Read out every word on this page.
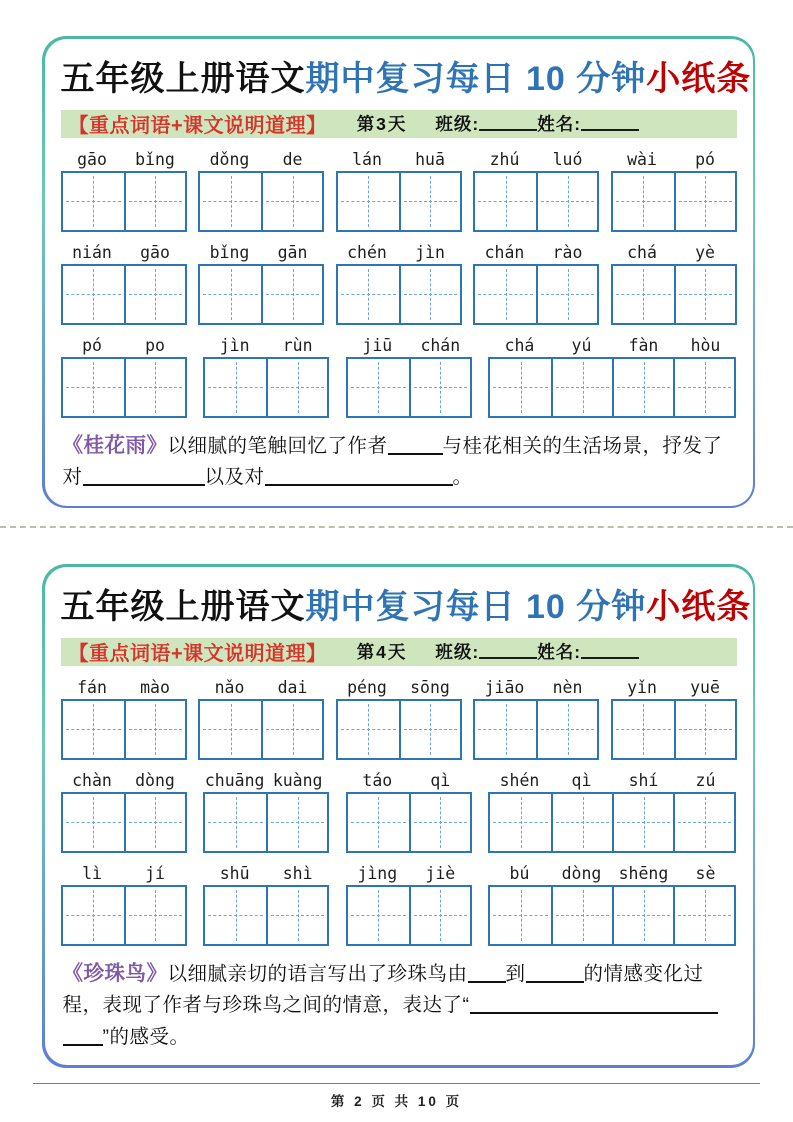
五年级上册语文期中复习每日 10 分钟小纸条
【重点词语+课文说明道理】 第3天 班级:	姓名:
gāo	bǐng	dǒng	de	lán	huā	zhú	luó	wài	pó
nián	gāo	bǐng	gān	chén	jìn	chán	rào	chá	yè
pó	po	jìn	rùn	jiū	chán	chá	yú	fàn	hòu

《桂花雨》以细腻的笔触回忆了作者	与桂花相关的生活场景，抒发了对	以及对	。

五年级上册语文期中复习每日 10 分钟小纸条
【重点词语+课文说明道理】 第4天 班级:	姓名:
fán	mào	nǎo	dai	péng	sōng	jiāo	nèn	yǐn	yuē
chàn	dòng	chuāng kuàng	táo	qì	shén	qì	shí	zú
lì	jí	shū	shì	jìng	jiè	bú	dòng	shēng	sè

《珍珠鸟》以细腻亲切的语言写出了珍珠鸟由 到	的情感变化过程，表现了作者与珍珠鸟之间的情意，表达了“”的感受。

第 2 页 共 10 页
